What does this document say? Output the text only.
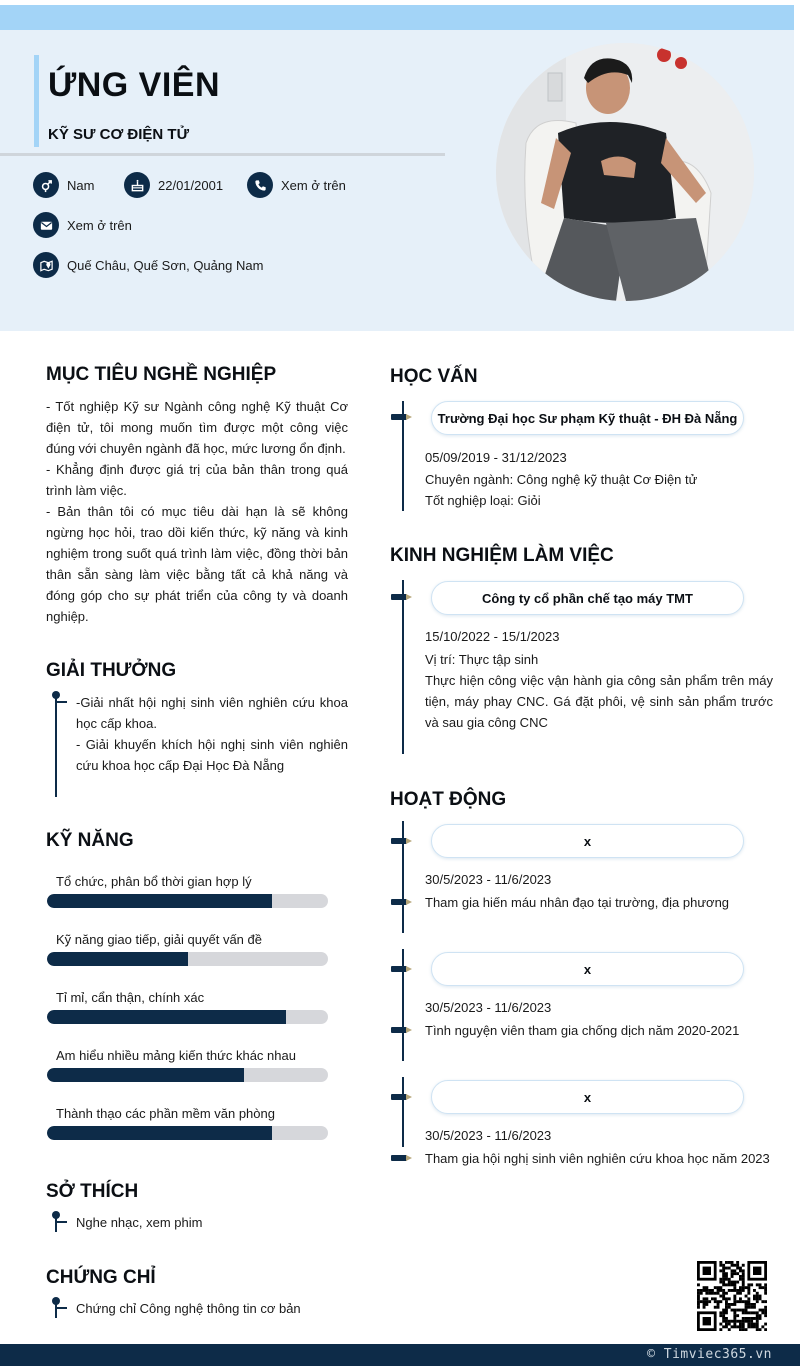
ỨNG VIÊN
KỸ SƯ CƠ ĐIỆN TỬ
Nam	22/01/2001	Xem ở trên
Xem ở trên
Quế Châu, Quế Sơn, Quảng Nam
MỤC TIÊU NGHỀ NGHIỆP

- Tốt nghiệp Kỹ sư Ngành công nghệ Kỹ thuật Cơ điện tử, tôi mong muốn tìm được một công việc đúng với chuyên ngành đã học, mức lương ổn định.

- Khẳng định được giá trị của bản thân trong quá trình làm việc.

- Bản thân tôi có mục tiêu dài hạn là sẽ không ngừng học hỏi, trao dồi kiến thức, kỹ năng và kinh nghiệm trong suốt quá trình làm việc, đồng thời bản thân sẵn sàng làm việc bằng tất cả khả năng và đóng góp cho sự phát triển của công ty và doanh nghiệp.

GIẢI THƯỞNG

-Giải nhất hội nghị sinh viên nghiên cứu khoa học cấp khoa.

- Giải khuyến khích hội nghị sinh viên nghiên cứu khoa học cấp Đại Học Đà Nẵng

KỸ NĂNG
Tổ chức, phân bổ thời gian hợp lý
Kỹ năng giao tiếp, giải quyết vấn đề
Tỉ mỉ, cẩn thận, chính xác
Am hiểu nhiều mảng kiến thức khác nhau
Thành thạo các phần mềm văn phòng
SỞ THÍCH
Nghe nhạc, xem phim
CHỨNG CHỈ
Chứng chỉ Công nghệ thông tin cơ bản
HỌC VẤN
Trường Đại học Sư phạm Kỹ thuật - ĐH Đà Nẵng
05/09/2019 - 31/12/2023
Chuyên ngành: Công nghệ kỹ thuật Cơ Điện tử
Tốt nghiệp loại: Giỏi
KINH NGHIỆM LÀM VIỆC
Công ty cổ phần chế tạo máy TMT
15/10/2022 - 15/1/2023
Vị trí: Thực tập sinh
Thực hiện công việc vận hành gia công sản phẩm trên máy tiện, máy phay CNC. Gá đặt phôi, vệ sinh sản phẩm trước và sau gia công CNC
HOẠT ĐỘNG
x
30/5/2023 - 11/6/2023
Tham gia hiến máu nhân đạo tại trường, địa phương
x
30/5/2023 - 11/6/2023
Tình nguyện viên tham gia chống dịch năm 2020-2021
x
30/5/2023 - 11/6/2023
Tham gia hội nghị sinh viên nghiên cứu khoa học năm 2023
© Timviec365.vn
